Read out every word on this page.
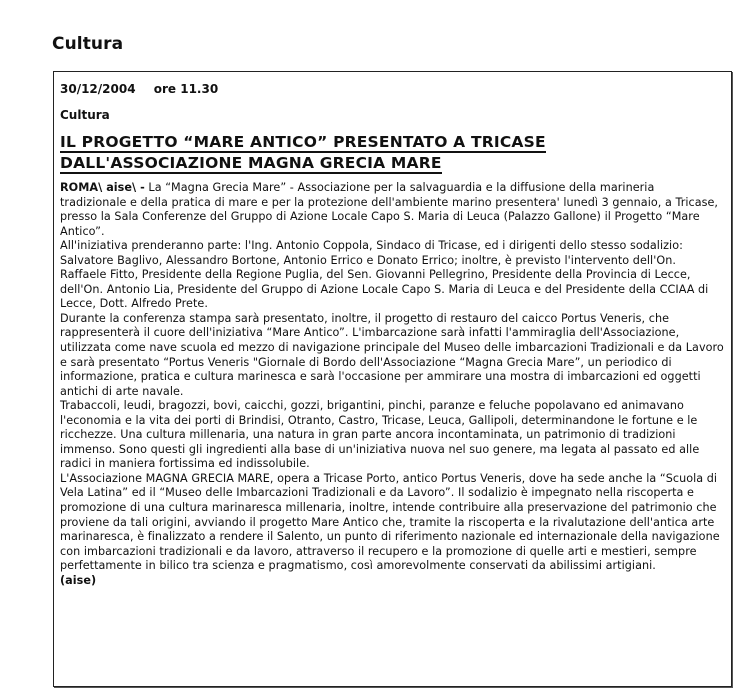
Cultura
30/12/2004 ore 11.30
Cultura
IL PROGETTO “MARE ANTICO” PRESENTATO A TRICASE
DALL'ASSOCIAZIONE MAGNA GRECIA MARE

ROMA\ aise\ - La “Magna Grecia Mare” - Associazione per la salvaguardia e la diffusione della marineria tradizionale e della pratica di mare e per la protezione dell'ambiente marino presentera' lunedì 3 gennaio, a Tricase, presso la Sala Conferenze del Gruppo di Azione Locale Capo S. Maria di Leuca (Palazzo Gallone) il Progetto “Mare Antico”.

All'iniziativa prenderanno parte: l'Ing. Antonio Coppola, Sindaco di Tricase, ed i dirigenti dello stesso sodalizio: Salvatore Baglivo, Alessandro Bortone, Antonio Errico e Donato Errico; inoltre, è previsto l'intervento dell'On. Raffaele Fitto, Presidente della Regione Puglia, del Sen. Giovanni Pellegrino, Presidente della Provincia di Lecce, dell'On. Antonio Lia, Presidente del Gruppo di Azione Locale Capo S. Maria di Leuca e del Presidente della CCIAA di Lecce, Dott. Alfredo Prete.

Durante la conferenza stampa sarà presentato, inoltre, il progetto di restauro del caicco Portus Veneris, che rappresenterà il cuore dell'iniziativa “Mare Antico”. L'imbarcazione sarà infatti l'ammiraglia dell'Associazione, utilizzata come nave scuola ed mezzo di navigazione principale del Museo delle imbarcazioni Tradizionali e da Lavoro e sarà presentato “Portus Veneris "Giornale di Bordo dell'Associazione “Magna Grecia Mare”, un periodico di informazione, pratica e cultura marinesca e sarà l'occasione per ammirare una mostra di imbarcazioni ed oggetti antichi di arte navale.

Trabaccoli, leudi, bragozzi, bovi, caicchi, gozzi, brigantini, pinchi, paranze e feluche popolavano ed animavano l'economia e la vita dei porti di Brindisi, Otranto, Castro, Tricase, Leuca, Gallipoli, determinandone le fortune e le ricchezze. Una cultura millenaria, una natura in gran parte ancora incontaminata, un patrimonio di tradizioni immenso. Sono questi gli ingredienti alla base di un'iniziativa nuova nel suo genere, ma legata al passato ed alle radici in maniera fortissima ed indissolubile.

L'Associazione MAGNA GRECIA MARE, opera a Tricase Porto, antico Portus Veneris, dove ha sede anche la “Scuola di Vela Latina” ed il “Museo delle Imbarcazioni Tradizionali e da Lavoro”. Il sodalizio è impegnato nella riscoperta e promozione di una cultura marinaresca millenaria, inoltre, intende contribuire alla preservazione del patrimonio che proviene da tali origini, avviando il progetto Mare Antico che, tramite la riscoperta e la rivalutazione dell'antica arte marinaresca, è finalizzato a rendere il Salento, un punto di riferimento nazionale ed internazionale della navigazione con imbarcazioni tradizionali e da lavoro, attraverso il recupero e la promozione di quelle arti e mestieri, sempre perfettamente in bilico tra scienza e pragmatismo, così amorevolmente conservati da abilissimi artigiani.

(aise)
